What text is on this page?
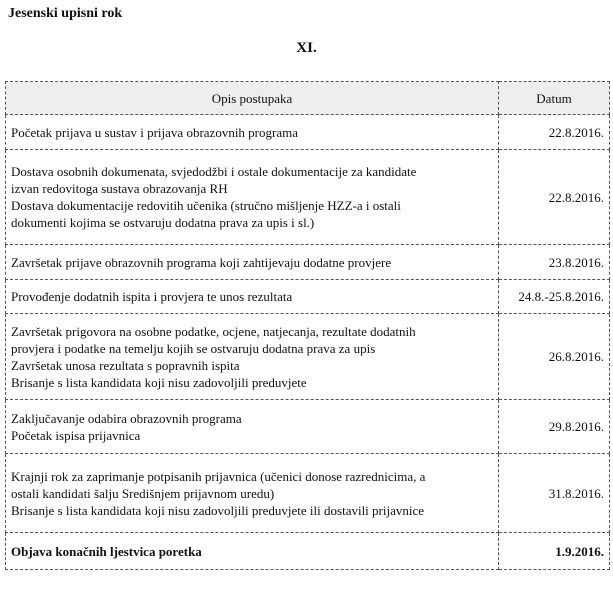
Jesenski upisni rok
XI.
Opis postupaka	Datum

Početak prijava u sustav i prijava obrazovnih programa	22.8.2016.

Dostava osobnih dokumenata, svjedodžbi i ostale dokumentacije za kandidate
izvan redovitoga sustava obrazovanja RH
Dostava dokumentacije redovitih učenika (stručno mišljenje HZZ-a i ostali
dokumenti kojima se ostvaruju dodatna prava za upis i sl.)	22.8.2016.

Završetak prijave obrazovnih programa koji zahtijevaju dodatne provjere	23.8.2016.

Provođenje dodatnih ispita i provjera te unos rezultata	24.8.-25.8.2016.

Završetak prigovora na osobne podatke, ocjene, natjecanja, rezultate dodatnih
provjera i podatke na temelju kojih se ostvaruju dodatna prava za upis
Završetak unosa rezultata s popravnih ispita
Brisanje s lista kandidata koji nisu zadovoljili preduvjete	26.8.2016.

Zaključavanje odabira obrazovnih programa
Početak ispisa prijavnica	29.8.2016.

Krajnji rok za zaprimanje potpisanih prijavnica (učenici donose razrednicima, a
ostali kandidati šalju Središnjem prijavnom uredu)
Brisanje s lista kandidata koji nisu zadovoljili preduvjete ili dostavili prijavnice	31.8.2016.

Objava konačnih ljestvica poretka	1.9.2016.
